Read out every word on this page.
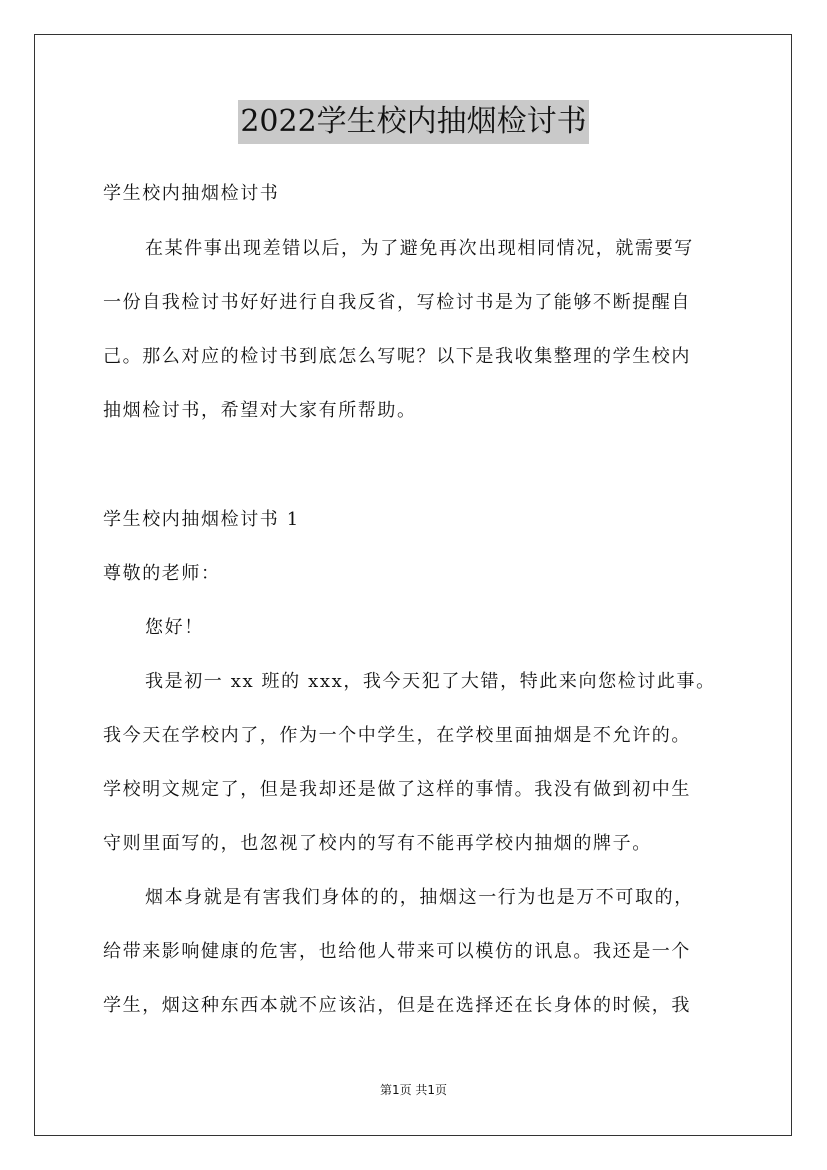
2022学生校内抽烟检讨书
学生校内抽烟检讨书
在某件事出现差错以后，为了避免再次出现相同情况，就需要写
一份自我检讨书好好进行自我反省，写检讨书是为了能够不断提醒自
己。那么对应的检讨书到底怎么写呢？以下是我收集整理的学生校内
抽烟检讨书，希望对大家有所帮助。
学生校内抽烟检讨书 1
尊敬的老师：
您好！
我是初一 xx 班的 xxx，我今天犯了大错，特此来向您检讨此事。
我今天在学校内了，作为一个中学生，在学校里面抽烟是不允许的。
学校明文规定了，但是我却还是做了这样的事情。我没有做到初中生
守则里面写的，也忽视了校内的写有不能再学校内抽烟的牌子。
烟本身就是有害我们身体的的，抽烟这一行为也是万不可取的，
给带来影响健康的危害，也给他人带来可以模仿的讯息。我还是一个
学生，烟这种东西本就不应该沾，但是在选择还在长身体的时候，我
第1页 共1页
